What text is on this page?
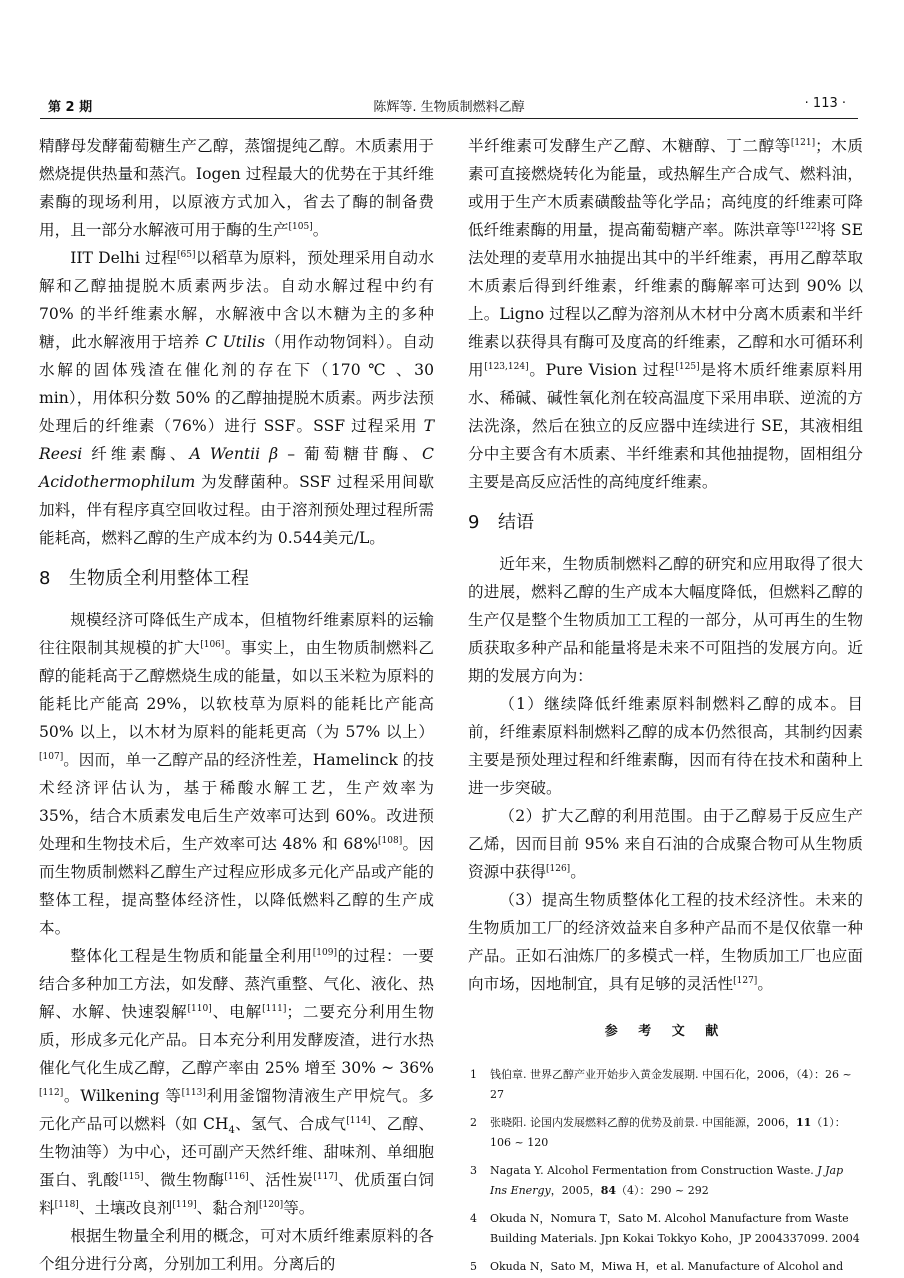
第 2 期	陈辉等. 生物质制燃料乙醇	· 113 ·

精酵母发酵葡萄糖生产乙醇，蒸馏提纯乙醇。木质素用于燃烧提供热量和蒸汽。Iogen 过程最大的优势在于其纤维素酶的现场利用，以原液方式加入，省去了酶的制备费用，且一部分水解液可用于酶的生产[105]。

IIT Delhi 过程[65]以稻草为原料，预处理采用自动水解和乙醇抽提脱木质素两步法。自动水解过程中约有 70% 的半纤维素水解，水解液中含以木糖为主的多种糖，此水解液用于培养 C Utilis（用作动物饲料）。自动水解的固体残渣在催化剂的存在下（170 ℃ 、30 min），用体积分数 50% 的乙醇抽提脱木质素。两步法预处理后的纤维素（76%）进行 SSF。SSF 过程采用 T Reesi 纤维素酶、A Wentii β – 葡萄糖苷酶、C Acidothermophilum 为发酵菌种。SSF 过程采用间歇加料，伴有程序真空回收过程。由于溶剂预处理过程所需能耗高，燃料乙醇的生产成本约为 0.544美元/L。

8 生物质全利用整体工程

规模经济可降低生产成本，但植物纤维素原料的运输往往限制其规模的扩大[106]。事实上，由生物质制燃料乙醇的能耗高于乙醇燃烧生成的能量，如以玉米粒为原料的能耗比产能高 29%，以软枝草为原料的能耗比产能高 50% 以上，以木材为原料的能耗更高（为 57% 以上）[107]。因而，单一乙醇产品的经济性差，Hamelinck 的技术经济评估认为，基于稀酸水解工艺，生产效率为 35%，结合木质素发电后生产效率可达到 60%。改进预处理和生物技术后，生产效率可达 48% 和 68%[108]。因而生物质制燃料乙醇生产过程应形成多元化产品或产能的整体工程，提高整体经济性，以降低燃料乙醇的生产成本。

整体化工程是生物质和能量全利用[109]的过程：一要结合多种加工方法，如发酵、蒸汽重整、气化、液化、热解、水解、快速裂解[110]、电解[111]；二要充分利用生物质，形成多元化产品。日本充分利用发酵废渣，进行水热催化气化生成乙醇，乙醇产率由 25% 增至 30% ~ 36%[112]。Wilkening 等[113]利用釜馏物清液生产甲烷气。多元化产品可以燃料（如 $CH_4$、氢气、合成气[114]、乙醇、生物油等）为中心，还可副产天然纤维、甜味剂、单细胞蛋白、乳酸[115]、微生物酶[116]、活性炭[117]、优质蛋白饲料[118]、土壤改良剂[119]、黏合剂[120]等。

根据生物量全利用的概念，可对木质纤维素原料的各个组分进行分离，分别加工利用。分离后的

半纤维素可发酵生产乙醇、木糖醇、丁二醇等[121]；木质素可直接燃烧转化为能量，或热解生产合成气、燃料油，或用于生产木质素磺酸盐等化学品；高纯度的纤维素可降低纤维素酶的用量，提高葡萄糖产率。陈洪章等[122]将 SE 法处理的麦草用水抽提出其中的半纤维素，再用乙醇萃取木质素后得到纤维素，纤维素的酶解率可达到 90% 以上。Ligno 过程以乙醇为溶剂从木材中分离木质素和半纤维素以获得具有酶可及度高的纤维素，乙醇和水可循环利用[123,124]。Pure Vision 过程[125]是将木质纤维素原料用水、稀碱、碱性氧化剂在较高温度下采用串联、逆流的方法洗涤，然后在独立的反应器中连续进行 SE，其液相组分中主要含有木质素、半纤维素和其他抽提物，固相组分主要是高反应活性的高纯度纤维素。

9 结语

近年来，生物质制燃料乙醇的研究和应用取得了很大的进展，燃料乙醇的生产成本大幅度降低，但燃料乙醇的生产仅是整个生物质加工工程的一部分，从可再生的生物质获取多种产品和能量将是未来不可阻挡的发展方向。近期的发展方向为：

（1）继续降低纤维素原料制燃料乙醇的成本。目前，纤维素原料制燃料乙醇的成本仍然很高，其制约因素主要是预处理过程和纤维素酶，因而有待在技术和菌种上进一步突破。

（2）扩大乙醇的利用范围。由于乙醇易于反应生产乙烯，因而目前 95% 来自石油的合成聚合物可从生物质资源中获得[126]。

（3）提高生物质整体化工程的技术经济性。未来的生物质加工厂的经济效益来自多种产品而不是仅依靠一种产品。正如石油炼厂的多模式一样，生物质加工厂也应面向市场，因地制宜，具有足够的灵活性[127]。

参 考 文 献
1 钱伯章. 世界乙醇产业开始步入黄金发展期. 中国石化，2006，（4）：26 ~ 27
2 张晓阳. 论国内发展燃料乙醇的优势及前景. 中国能源，2006，11（1）：106 ~ 120
3 Nagata Y. Alcohol Fermentation from Construction Waste. J Jap Ins Energy，2005，84（4）：290 ~ 292
4 Okuda N，Nomura T，Sato M. Alcohol Manufacture from Waste Building Materials. Jpn Kokai Tokkyo Koho，JP 2004337099. 2004
5 Okuda N，Sato M，Miwa H，et al. Manufacture of Alcohol and
